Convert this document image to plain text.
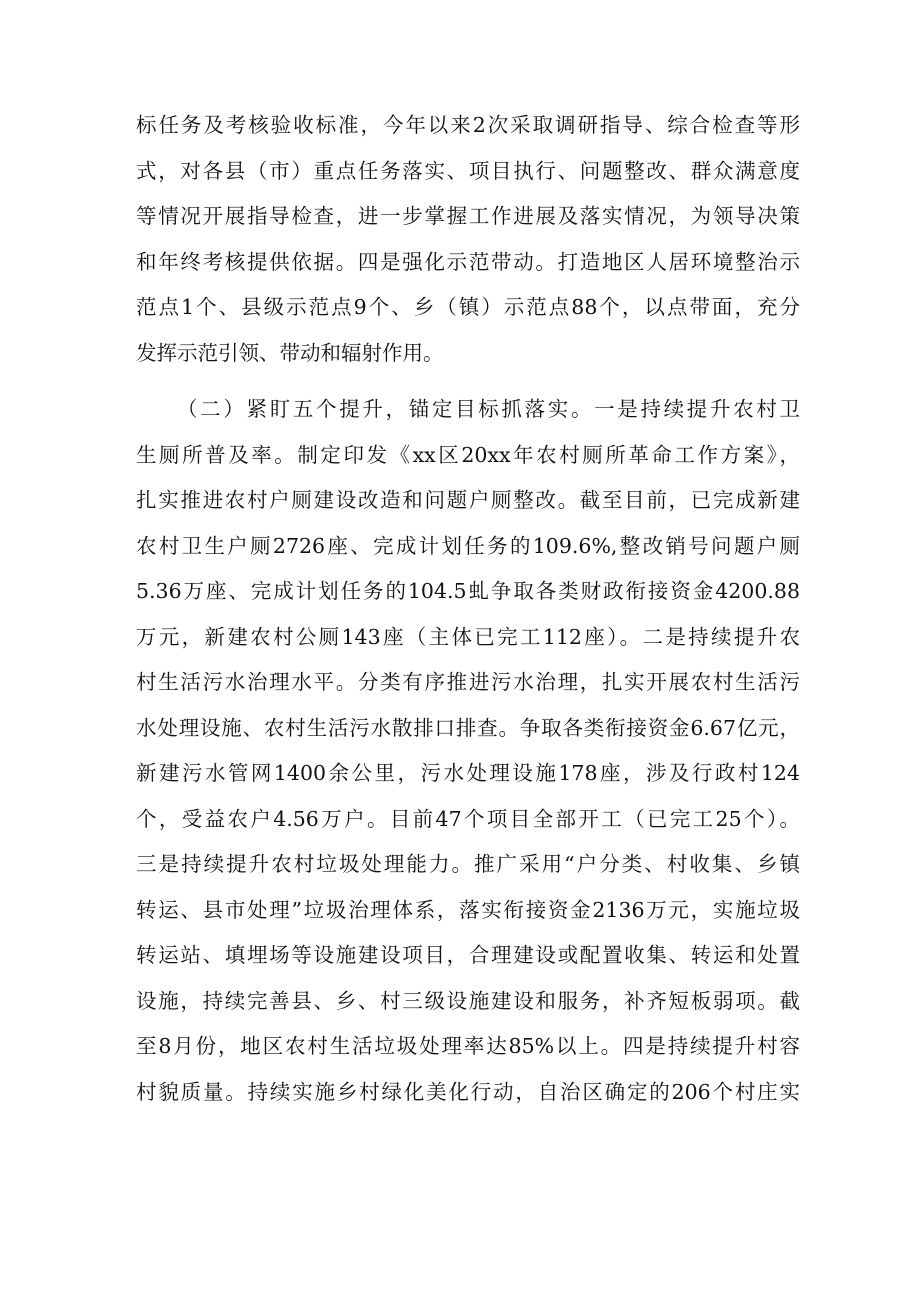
标任务及考核验收标准，今年以来2次采取调研指导、综合检查等形
式，对各县（市）重点任务落实、项目执行、问题整改、群众满意度
等情况开展指导检查，进一步掌握工作进展及落实情况，为领导决策
和年终考核提供依据。四是强化示范带动。打造地区人居环境整治示
范点1个、县级示范点9个、乡（镇）示范点88个，以点带面，充分
发挥示范引领、带动和辐射作用。
（二）紧盯五个提升，锚定目标抓落实。一是持续提升农村卫
生厕所普及率。制定印发《xx区20xx年农村厕所革命工作方案》，
扎实推进农村户厕建设改造和问题户厕整改。截至目前，已完成新建
农村卫生户厕2726座、完成计划任务的109.6%,整改销号问题户厕
5.36万座、完成计划任务的104.5虬争取各类财政衔接资金4200.88
万元，新建农村公厕143座（主体已完工112座）。二是持续提升农
村生活污水治理水平。分类有序推进污水治理，扎实开展农村生活污
水处理设施、农村生活污水散排口排查。争取各类衔接资金6.67亿元，
新建污水管网1400余公里，污水处理设施178座，涉及行政村124
个，受益农户4.56万户。目前47个项目全部开工（已完工25个）。
三是持续提升农村垃圾处理能力。推广采用“户分类、村收集、乡镇
转运、县市处理”垃圾治理体系，落实衔接资金2136万元，实施垃圾
转运站、填埋场等设施建设项目，合理建设或配置收集、转运和处置
设施，持续完善县、乡、村三级设施建设和服务，补齐短板弱项。截
至8月份，地区农村生活垃圾处理率达85%以上。四是持续提升村容
村貌质量。持续实施乡村绿化美化行动，自治区确定的206个村庄实
